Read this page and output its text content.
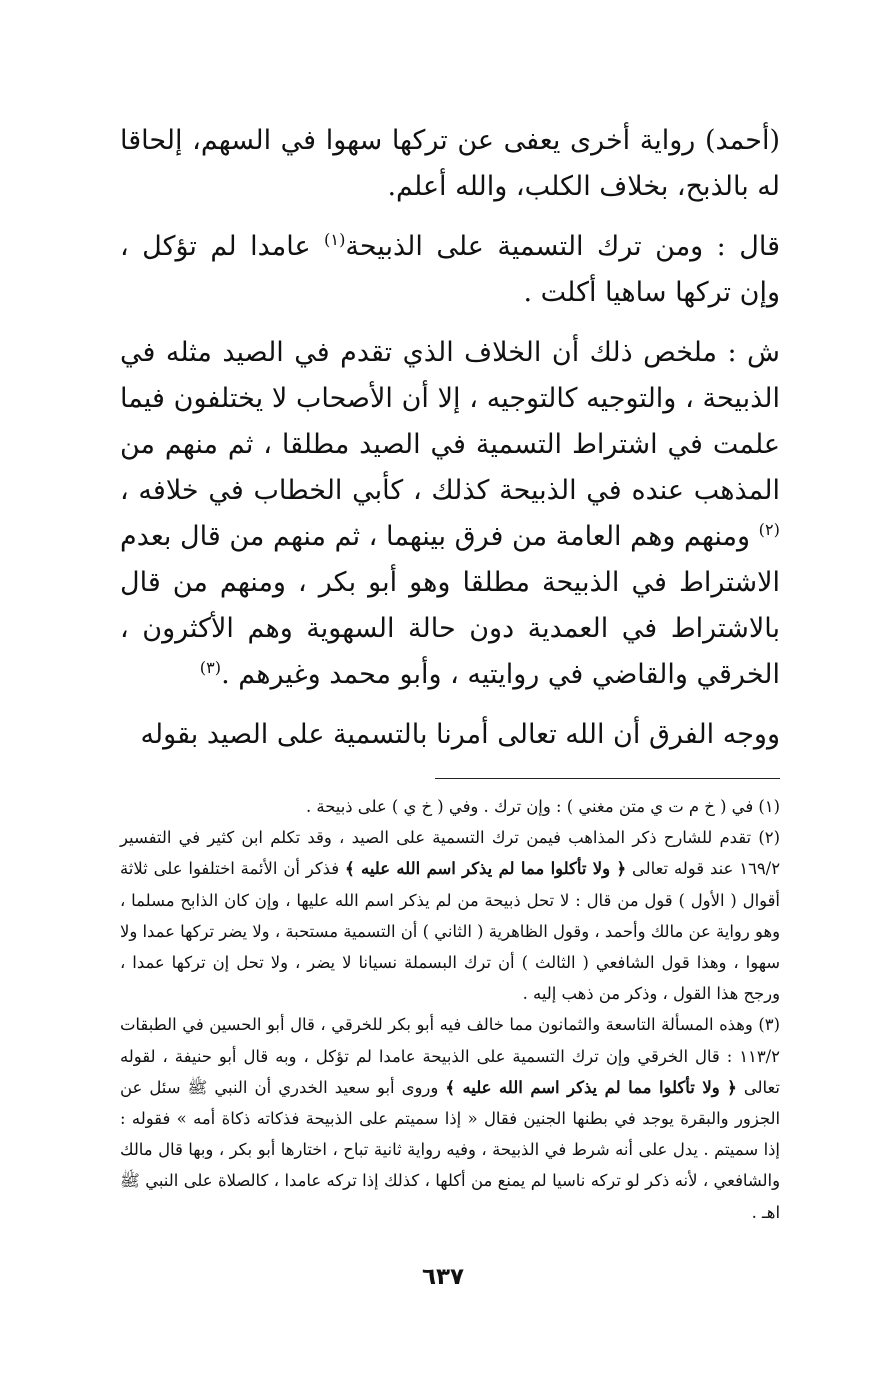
(أحمد) رواية أخرى يعفى عن تركها سهوا في السهم، إلحاقا له بالذبح، بخلاف الكلب، والله أعلم.

قال : ومن ترك التسمية على الذبيحة$^{(١)}$ عامدا لم تؤكل ، وإن تركها ساهيا أكلت .

ش : ملخص ذلك أن الخلاف الذي تقدم في الصيد مثله في الذبيحة ، والتوجيه كالتوجيه ، إلا أن الأصحاب لا يختلفون فيما علمت في اشتراط التسمية في الصيد مطلقا ، ثم منهم من المذهب عنده في الذبيحة كذلك ، كأبي الخطاب في خلافه ،$^{(٢)}$ ومنهم وهم العامة من فرق بينهما ، ثم منهم من قال بعدم الاشتراط في الذبيحة مطلقا وهو أبو بكر ، ومنهم من قال بالاشتراط في العمدية دون حالة السهوية وهم الأكثرون ، الخرقي والقاضي في روايتيه ، وأبو محمد وغيرهم .$^{(٣)}$

ووجه الفرق أن الله تعالى أمرنا بالتسمية على الصيد بقوله

(١) في ( خ م ت ي متن مغني ) : وإن ترك . وفي ( خ ي ) على ذبيحة .

(٢) تقدم للشارح ذكر المذاهب فيمن ترك التسمية على الصيد ، وقد تكلم ابن كثير في التفسير ١٦٩/٢ عند قوله تعالى ﴿ ولا تأكلوا مما لم يذكر اسم الله عليه ﴾ فذكر أن الأئمة اختلفوا على ثلاثة أقوال ( الأول ) قول من قال : لا تحل ذبيحة من لم يذكر اسم الله عليها ، وإن كان الذابح مسلما ، وهو رواية عن مالك وأحمد ، وقول الظاهرية ( الثاني ) أن التسمية مستحبة ، ولا يضر تركها عمدا ولا سهوا ، وهذا قول الشافعي ( الثالث ) أن ترك البسملة نسيانا لا يضر ، ولا تحل إن تركها عمدا ، ورجح هذا القول ، وذكر من ذهب إليه .

(٣) وهذه المسألة التاسعة والثمانون مما خالف فيه أبو بكر للخرقي ، قال أبو الحسين في الطبقات ١١٣/٢ : قال الخرقي وإن ترك التسمية على الذبيحة عامدا لم تؤكل ، وبه قال أبو حنيفة ، لقوله تعالى ﴿ ولا تأكلوا مما لم يذكر اسم الله عليه ﴾ وروى أبو سعيد الخدري أن النبي ﷺ سئل عن الجزور والبقرة يوجد في بطنها الجنين فقال « إذا سميتم على الذبيحة فذكاته ذكاة أمه » فقوله : إذا سميتم . يدل على أنه شرط في الذبيحة ، وفيه رواية ثانية تباح ، اختارها أبو بكر ، وبها قال مالك والشافعي ، لأنه ذكر لو تركه ناسيا لم يمنع من أكلها ، كذلك إذا تركه عامدا ، كالصلاة على النبي ﷺ اهـ .

٦٣٧
